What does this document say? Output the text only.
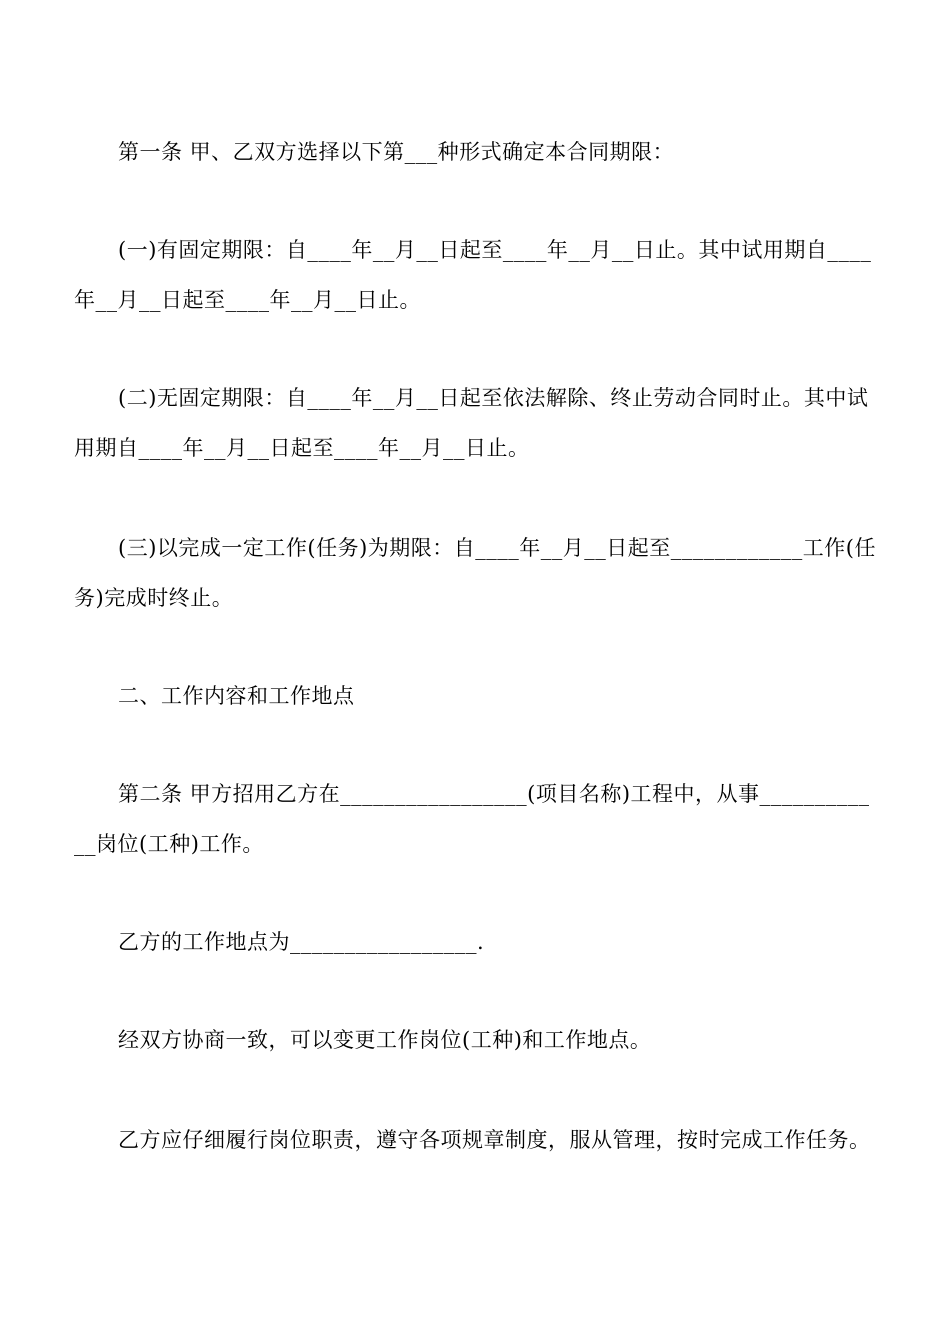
第一条 甲、乙双方选择以下第___种形式确定本合同期限：

(一)有固定期限：自____年__月__日起至____年__月__日止。其中试用期自____年__月__日起至____年__月__日止。

(二)无固定期限：自____年__月__日起至依法解除、终止劳动合同时止。其中试用期自____年__月__日起至____年__月__日止。

(三)以完成一定工作(任务)为期限：自____年__月__日起至____________工作(任务)完成时终止。

二、工作内容和工作地点

第二条 甲方招用乙方在_________________(项目名称)工程中，从事____________岗位(工种)工作。

乙方的工作地点为_________________.

经双方协商一致，可以变更工作岗位(工种)和工作地点。

乙方应仔细履行岗位职责，遵守各项规章制度，服从管理，按时完成工作任务。
